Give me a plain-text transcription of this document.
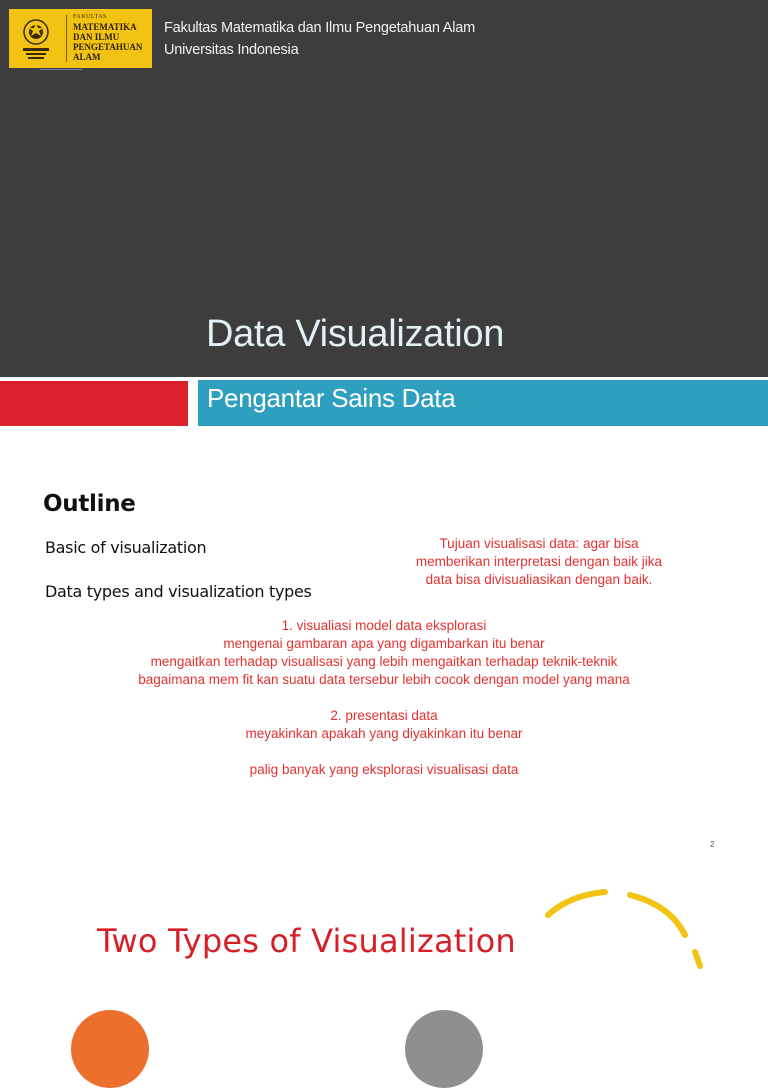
FAKULTAS
MATEMATIKA
DAN ILMU
PENGETAHUAN
ALAM
Fakultas Matematika dan Ilmu Pengetahuan Alam
Universitas Indonesia
Data Visualization
Pengantar Sains Data
Outline
Basic of visualization
Data types and visualization types
Tujuan visualisasi data: agar bisa
memberikan interpretasi dengan baik jika
data bisa divisualiasikan dengan baik.
1. visualiasi model data eksplorasi
mengenai gambaran apa yang digambarkan itu benar
mengaitkan terhadap visualisasi yang lebih mengaitkan terhadap teknik-teknik
bagaimana mem fit kan suatu data tersebur lebih cocok dengan model yang mana
2. presentasi data
meyakinkan apakah yang diyakinkan itu benar
palig banyak yang eksplorasi visualisasi data
2
Two Types of Visualization
